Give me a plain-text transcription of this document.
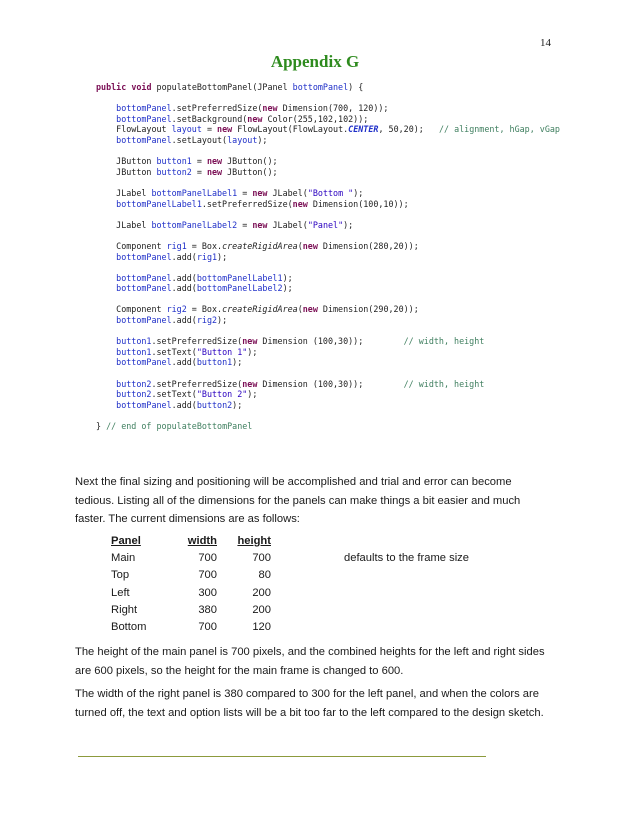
14
Appendix G
public void populateBottomPanel(JPanel bottomPanel) {

bottomPanel.setPreferredSize(new Dimension(700, 120));
bottomPanel.setBackground(new Color(255,102,102));
FlowLayout layout = new FlowLayout(FlowLayout.CENTER, 50,20);   // alignment, hGap, vGap
bottomPanel.setLayout(layout);

JButton button1 = new JButton();
JButton button2 = new JButton();

JLabel bottomPanelLabel1 = new JLabel("Bottom ");
bottomPanelLabel1.setPreferredSize(new Dimension(100,10));

JLabel bottomPanelLabel2 = new JLabel("Panel");

Component rig1 = Box.createRigidArea(new Dimension(280,20));
bottomPanel.add(rig1);

bottomPanel.add(bottomPanelLabel1);
bottomPanel.add(bottomPanelLabel2);

Component rig2 = Box.createRigidArea(new Dimension(290,20));
bottomPanel.add(rig2);

button1.setPreferredSize(new Dimension (100,30));        // width, height
button1.setText("Button 1");
bottomPanel.add(button1);

button2.setPreferredSize(new Dimension (100,30));        // width, height
button2.setText("Button 2");
bottomPanel.add(button2);

} // end of populateBottomPanel
Next the final sizing and positioning will be accomplished and trial and error can become tedious. Listing all of the dimensions for the panels can make things a bit easier and much faster. The current dimensions are as follows:
Panel	width	height	
Main	700	700	defaults to the frame size
Top	700	80	
Left	300	200	
Right	380	200	
Bottom	700	120	
The height of the main panel is 700 pixels, and the combined heights for the left and right sides are 600 pixels, so the height for the main frame is changed to 600.
The width of the right panel is 380 compared to 300 for the left panel, and when the colors are turned off, the text and option lists will be a bit too far to the left compared to the design sketch.
